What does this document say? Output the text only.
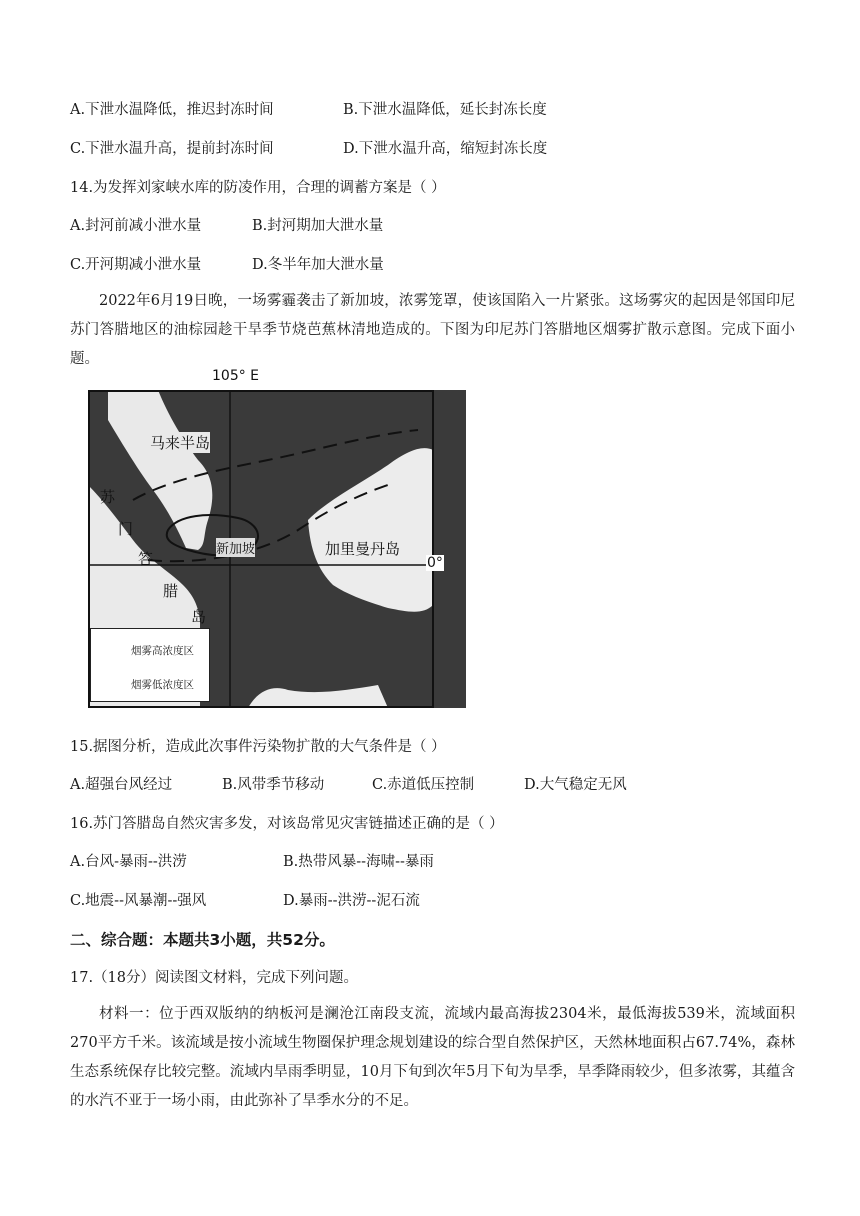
A.下泄水温降低，推迟封冻时间	B.下泄水温降低，延长封冻长度
C.下泄水温升高，提前封冻时间	D.下泄水温升高，缩短封冻长度
14.为发挥刘家峡水库的防凌作用，合理的调蓄方案是（ ）
A.封河前减小泄水量	B.封河期加大泄水量
C.开河期减小泄水量	D.冬半年加大泄水量
2022年6月19日晚，一场雾霾袭击了新加坡，浓雾笼罩，使该国陷入一片紧张。这场雾灾的起因是邻国印尼苏门答腊地区的油棕园趁干旱季节烧芭蕉林清地造成的。下图为印尼苏门答腊地区烟雾扩散示意图。完成下面小题。
105° E
0°
马来半岛
新加坡	加里曼丹岛
苏
门
答
腊
岛
烟雾高浓度区
烟雾低浓度区
15.据图分析，造成此次事件污染物扩散的大气条件是（ ）
A.超强台风经过	B.风带季节移动	C.赤道低压控制	D.大气稳定无风
16.苏门答腊岛自然灾害多发，对该岛常见灾害链描述正确的是（ ）
A.台风-暴雨--洪涝	B.热带风暴--海啸--暴雨
C.地震--风暴潮--强风	D.暴雨--洪涝--泥石流
二、综合题：本题共3小题，共52分。
17.（18分）阅读图文材料，完成下列问题。
材料一：位于西双版纳的纳板河是澜沧江南段支流，流域内最高海拔2304米，最低海拔539米，流域面积270平方千米。该流域是按小流域生物圈保护理念规划建设的综合型自然保护区，天然林地面积占67.74%，森林生态系统保存比较完整。流域内旱雨季明显，10月下旬到次年5月下旬为旱季，旱季降雨较少，但多浓雾，其蕴含的水汽不亚于一场小雨，由此弥补了旱季水分的不足。
